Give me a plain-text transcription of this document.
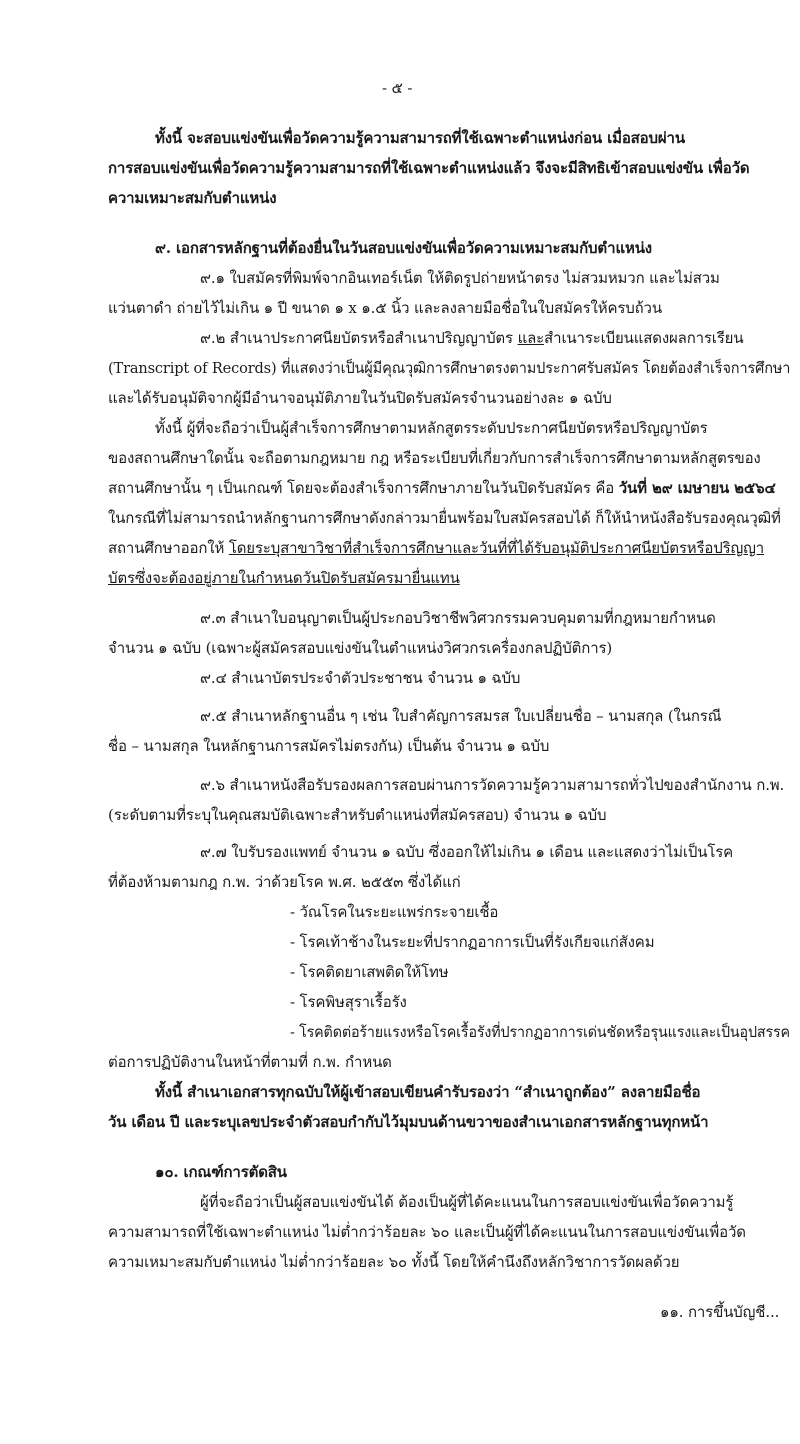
- ๕ -
ทั้งนี้ จะสอบแข่งขันเพื่อวัดความรู้ความสามารถที่ใช้เฉพาะตำแหน่งก่อน เมื่อสอบผ่าน
การสอบแข่งขันเพื่อวัดความรู้ความสามารถที่ใช้เฉพาะตำแหน่งแล้ว จึงจะมีสิทธิเข้าสอบแข่งขัน เพื่อวัด
ความเหมาะสมกับตำแหน่ง
๙. เอกสารหลักฐานที่ต้องยื่นในวันสอบแข่งขันเพื่อวัดความเหมาะสมกับตำแหน่ง
๙.๑ ใบสมัครที่พิมพ์จากอินเทอร์เน็ต ให้ติดรูปถ่ายหน้าตรง ไม่สวมหมวก และไม่สวม
แว่นตาดำ ถ่ายไว้ไม่เกิน ๑ ปี ขนาด ๑ x ๑.๕ นิ้ว และลงลายมือชื่อในใบสมัครให้ครบถ้วน
๙.๒ สำเนาประกาศนียบัตรหรือสำเนาปริญญาบัตร และสำเนาระเบียนแสดงผลการเรียน
(Transcript of Records) ที่แสดงว่าเป็นผู้มีคุณวุฒิการศึกษาตรงตามประกาศรับสมัคร โดยต้องสำเร็จการศึกษา
และได้รับอนุมัติจากผู้มีอำนาจอนุมัติภายในวันปิดรับสมัครจำนวนอย่างละ ๑ ฉบับ
ทั้งนี้ ผู้ที่จะถือว่าเป็นผู้สำเร็จการศึกษาตามหลักสูตรระดับประกาศนียบัตรหรือปริญญาบัตร
ของสถานศึกษาใดนั้น จะถือตามกฎหมาย กฎ หรือระเบียบที่เกี่ยวกับการสำเร็จการศึกษาตามหลักสูตรของ
สถานศึกษานั้น ๆ เป็นเกณฑ์ โดยจะต้องสำเร็จการศึกษาภายในวันปิดรับสมัคร คือ วันที่ ๒๙ เมษายน ๒๕๖๔
ในกรณีที่ไม่สามารถนำหลักฐานการศึกษาดังกล่าวมายื่นพร้อมใบสมัครสอบได้ ก็ให้นำหนังสือรับรองคุณวุฒิที่
สถานศึกษาออกให้ โดยระบุสาขาวิชาที่สำเร็จการศึกษาและวันที่ที่ได้รับอนุมัติประกาศนียบัตรหรือปริญญา
บัตรซึ่งจะต้องอยู่ภายในกำหนดวันปิดรับสมัครมายื่นแทน
๙.๓ สำเนาใบอนุญาตเป็นผู้ประกอบวิชาชีพวิศวกรรมควบคุมตามที่กฎหมายกำหนด
จำนวน ๑ ฉบับ (เฉพาะผู้สมัครสอบแข่งขันในตำแหน่งวิศวกรเครื่องกลปฏิบัติการ)
๙.๔ สำเนาบัตรประจำตัวประชาชน จำนวน ๑ ฉบับ
๙.๕ สำเนาหลักฐานอื่น ๆ เช่น ใบสำคัญการสมรส ใบเปลี่ยนชื่อ – นามสกุล (ในกรณี
ชื่อ – นามสกุล ในหลักฐานการสมัครไม่ตรงกัน) เป็นต้น จำนวน ๑ ฉบับ
๙.๖ สำเนาหนังสือรับรองผลการสอบผ่านการวัดความรู้ความสามารถทั่วไปของสำนักงาน ก.พ.
(ระดับตามที่ระบุในคุณสมบัติเฉพาะสำหรับตำแหน่งที่สมัครสอบ) จำนวน ๑ ฉบับ
๙.๗ ใบรับรองแพทย์ จำนวน ๑ ฉบับ ซึ่งออกให้ไม่เกิน ๑ เดือน และแสดงว่าไม่เป็นโรค
ที่ต้องห้ามตามกฎ ก.พ. ว่าด้วยโรค พ.ศ. ๒๕๕๓ ซึ่งได้แก่
- วัณโรคในระยะแพร่กระจายเชื้อ
- โรคเท้าช้างในระยะที่ปรากฏอาการเป็นที่รังเกียจแก่สังคม
- โรคติดยาเสพติดให้โทษ
- โรคพิษสุราเรื้อรัง
- โรคติดต่อร้ายแรงหรือโรคเรื้อรังที่ปรากฏอาการเด่นชัดหรือรุนแรงและเป็นอุปสรรค
ต่อการปฏิบัติงานในหน้าที่ตามที่ ก.พ. กำหนด
ทั้งนี้ สำเนาเอกสารทุกฉบับให้ผู้เข้าสอบเขียนคำรับรองว่า “สำเนาถูกต้อง” ลงลายมือชื่อ
วัน เดือน ปี และระบุเลขประจำตัวสอบกำกับไว้มุมบนด้านขวาของสำเนาเอกสารหลักฐานทุกหน้า
๑๐. เกณฑ์การตัดสิน
ผู้ที่จะถือว่าเป็นผู้สอบแข่งขันได้ ต้องเป็นผู้ที่ได้คะแนนในการสอบแข่งขันเพื่อวัดความรู้
ความสามารถที่ใช้เฉพาะตำแหน่ง ไม่ต่ำกว่าร้อยละ ๖๐ และเป็นผู้ที่ได้คะแนนในการสอบแข่งขันเพื่อวัด
ความเหมาะสมกับตำแหน่ง ไม่ต่ำกว่าร้อยละ ๖๐ ทั้งนี้ โดยให้คำนึงถึงหลักวิชาการวัดผลด้วย
๑๑. การขึ้นบัญชี...
